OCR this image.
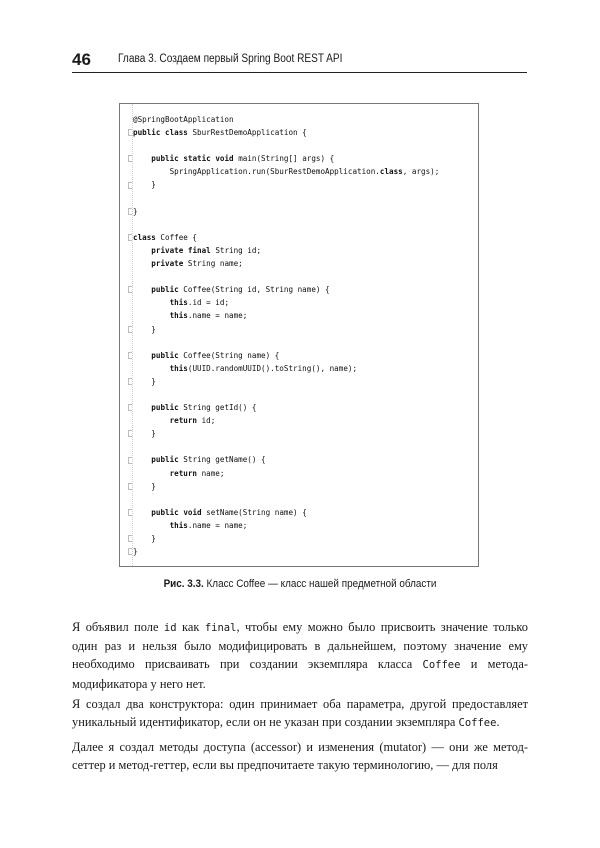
46 Глава 3. Создаем первый Spring Boot REST API
@SpringBootApplication
public class SburRestDemoApplication {
public static void main(String[] args) {
SpringApplication.run(SburRestDemoApplication.class, args);
}
}
class Coffee {
private final String id;
private String name;
public Coffee(String id, String name) {
this.id = id;
this.name = name;
}
public Coffee(String name) {
this(UUID.randomUUID().toString(), name);
}
public String getId() {
return id;
}
public String getName() {
return name;
}
public void setName(String name) {
this.name = name;
}
}
Рис. 3.3. Класс Coffee — класс нашей предметной области
Я объявил поле id как final, чтобы ему можно было присвоить значение только один раз и нельзя было модифицировать в дальнейшем, поэтому значение ему необходимо присваивать при создании экземпляра класса Coffee и метода-модификатора у него нет.
Я создал два конструктора: один принимает оба параметра, другой предоставляет уникальный идентификатор, если он не указан при создании экземпляра Coffee.
Далее я создал методы доступа (accessor) и изменения (mutator) — они же метод-сеттер и метод-геттер, если вы предпочитаете такую терминологию, — для поля
